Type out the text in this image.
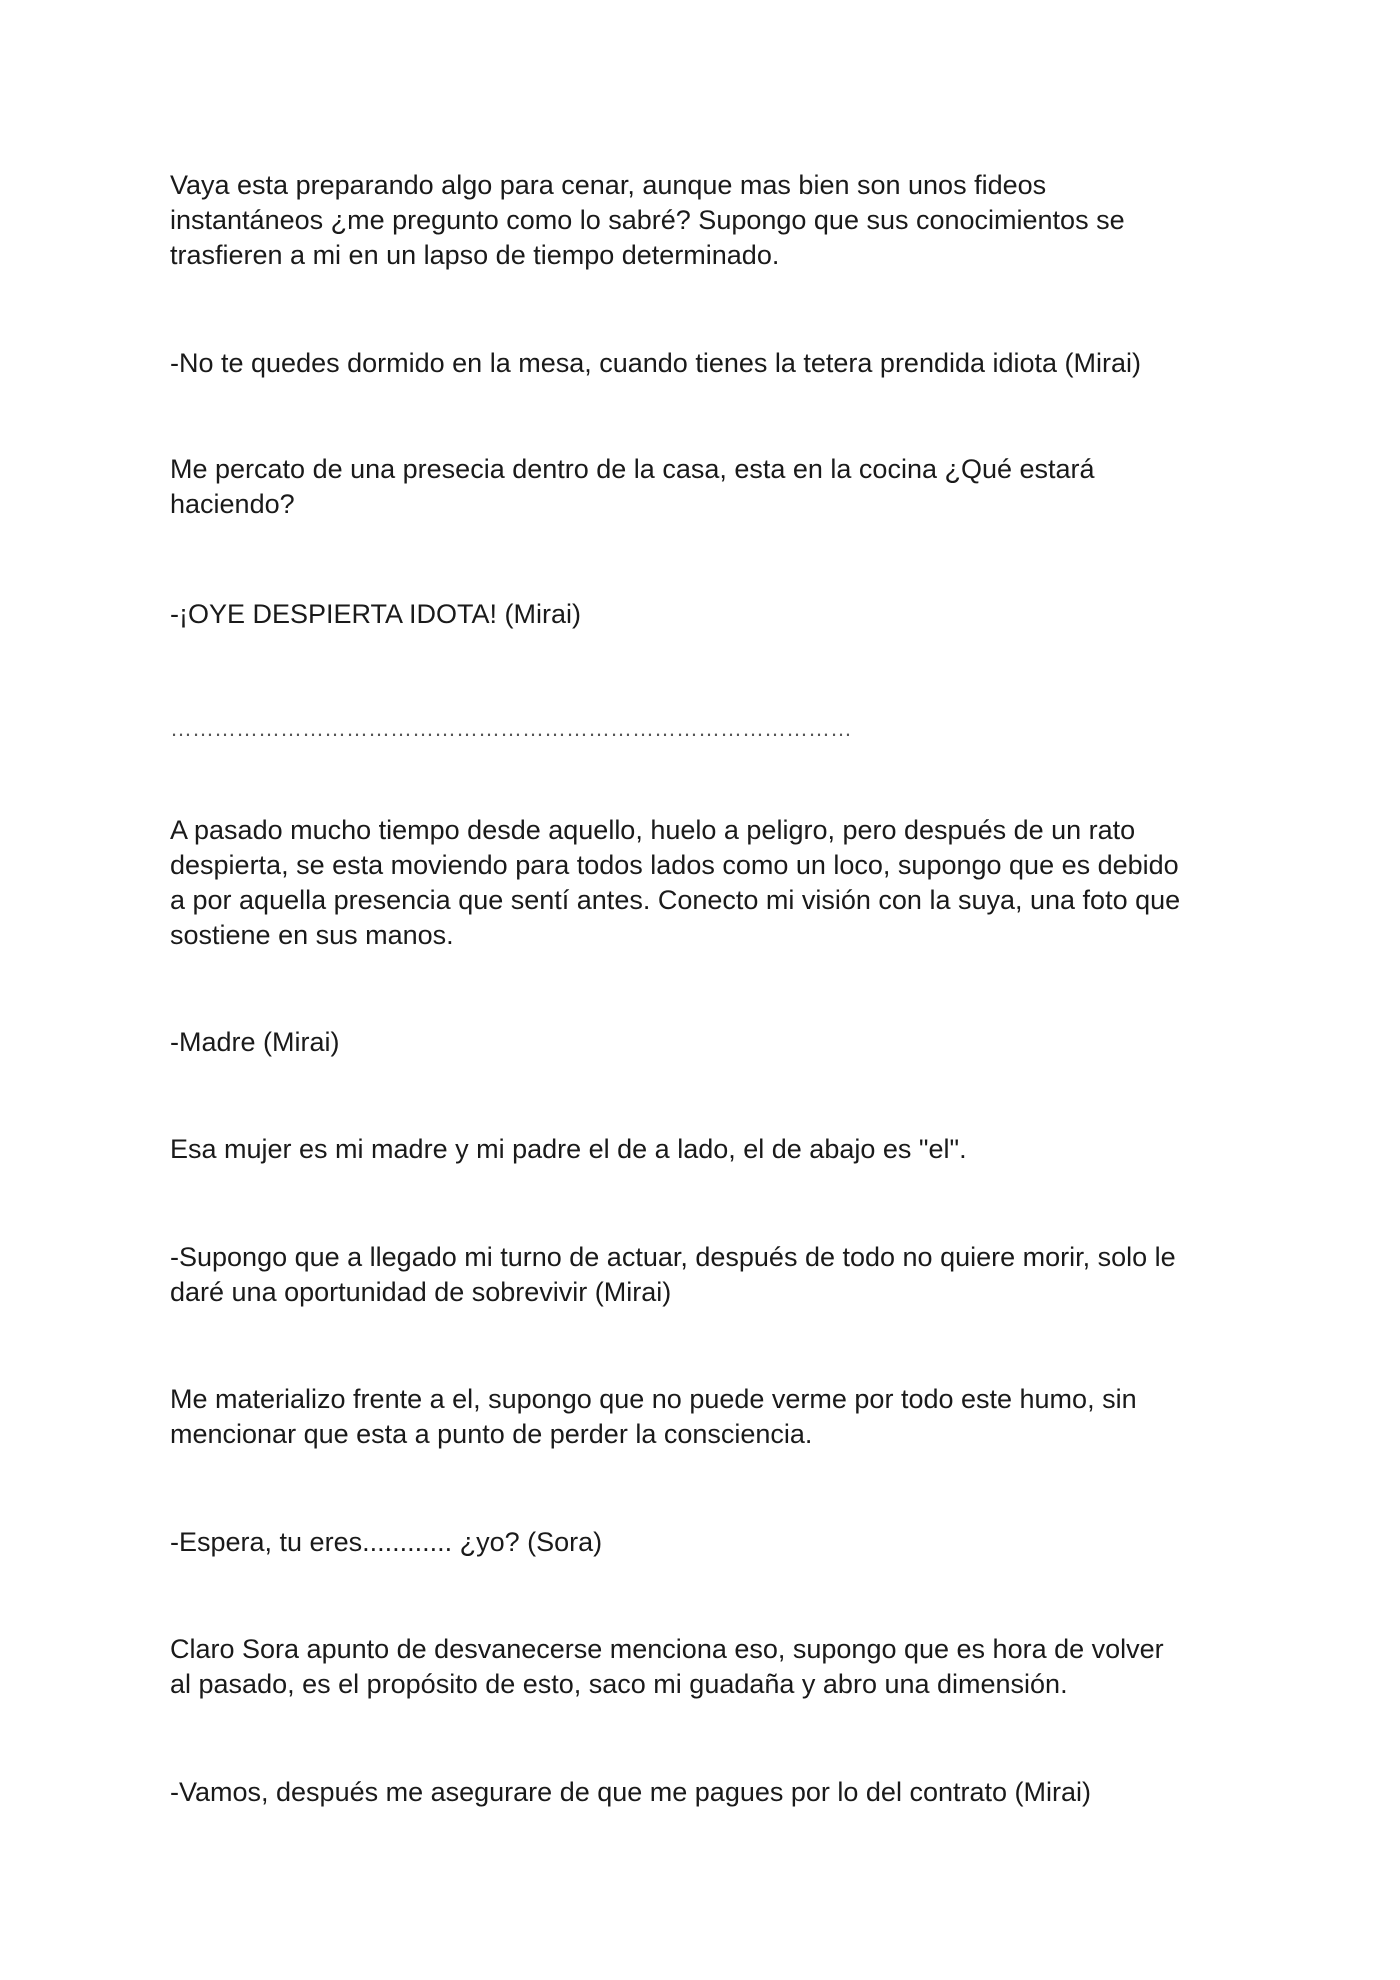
Vaya esta preparando algo para cenar, aunque mas bien son unos fideos
instantáneos ¿me pregunto como lo sabré? Supongo que sus conocimientos se
trasfieren a mi en un lapso de tiempo determinado.

-No te quedes dormido en la mesa, cuando tienes la tetera prendida idiota (Mirai)

Me percato de una presecia dentro de la casa, esta en la cocina ¿Qué estará
haciendo?

-¡OYE DESPIERTA IDOTA! (Mirai)

…………………………………………………………………………………

A pasado mucho tiempo desde aquello, huelo a peligro, pero después de un rato
despierta, se esta moviendo para todos lados como un loco, supongo que es debido
a por aquella presencia que sentí antes. Conecto mi visión con la suya, una foto que
sostiene en sus manos.

-Madre (Mirai)

Esa mujer es mi madre y mi padre el de a lado, el de abajo es "el".

-Supongo que a llegado mi turno de actuar, después de todo no quiere morir, solo le
daré una oportunidad de sobrevivir (Mirai)

Me materializo frente a el, supongo que no puede verme por todo este humo, sin
mencionar que esta a punto de perder la consciencia.

-Espera, tu eres............ ¿yo? (Sora)

Claro Sora apunto de desvanecerse menciona eso, supongo que es hora de volver
al pasado, es el propósito de esto, saco mi guadaña y abro una dimensión.

-Vamos, después me asegurare de que me pagues por lo del contrato (Mirai)
